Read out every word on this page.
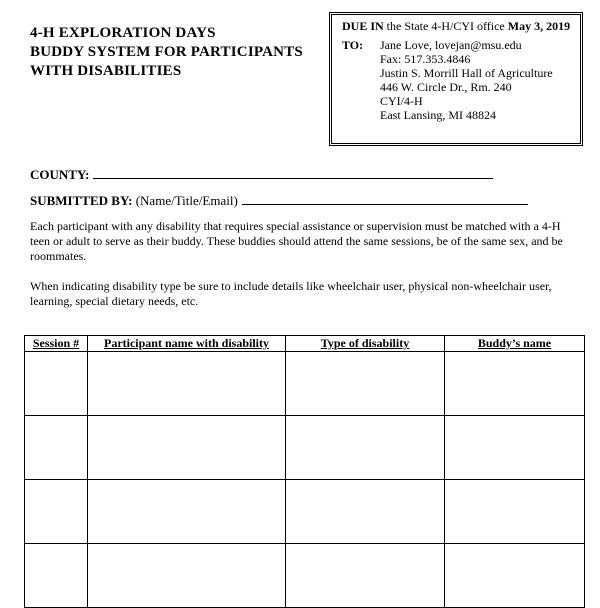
4-H EXPLORATION DAYS
BUDDY SYSTEM FOR PARTICIPANTS
WITH DISABILITIES
DUE IN the State 4-H/CYI office May 3, 2019
TO:	Jane Love, lovejan@msu.edu
Fax: 517.353.4846
Justin S. Morrill Hall of Agriculture
446 W. Circle Dr., Rm. 240
CYI/4-H
East Lansing, MI 48824
COUNTY:
SUBMITTED BY: (Name/Title/Email)
Each participant with any disability that requires special assistance or supervision must be matched with a 4-H teen or adult to serve as their buddy. These buddies should attend the same sessions, be of the same sex, and be roommates.
When indicating disability type be sure to include details like wheelchair user, physical non-wheelchair user, learning, special dietary needs, etc.
Session #	Participant name with disability	Type of disability	Buddy’s name
